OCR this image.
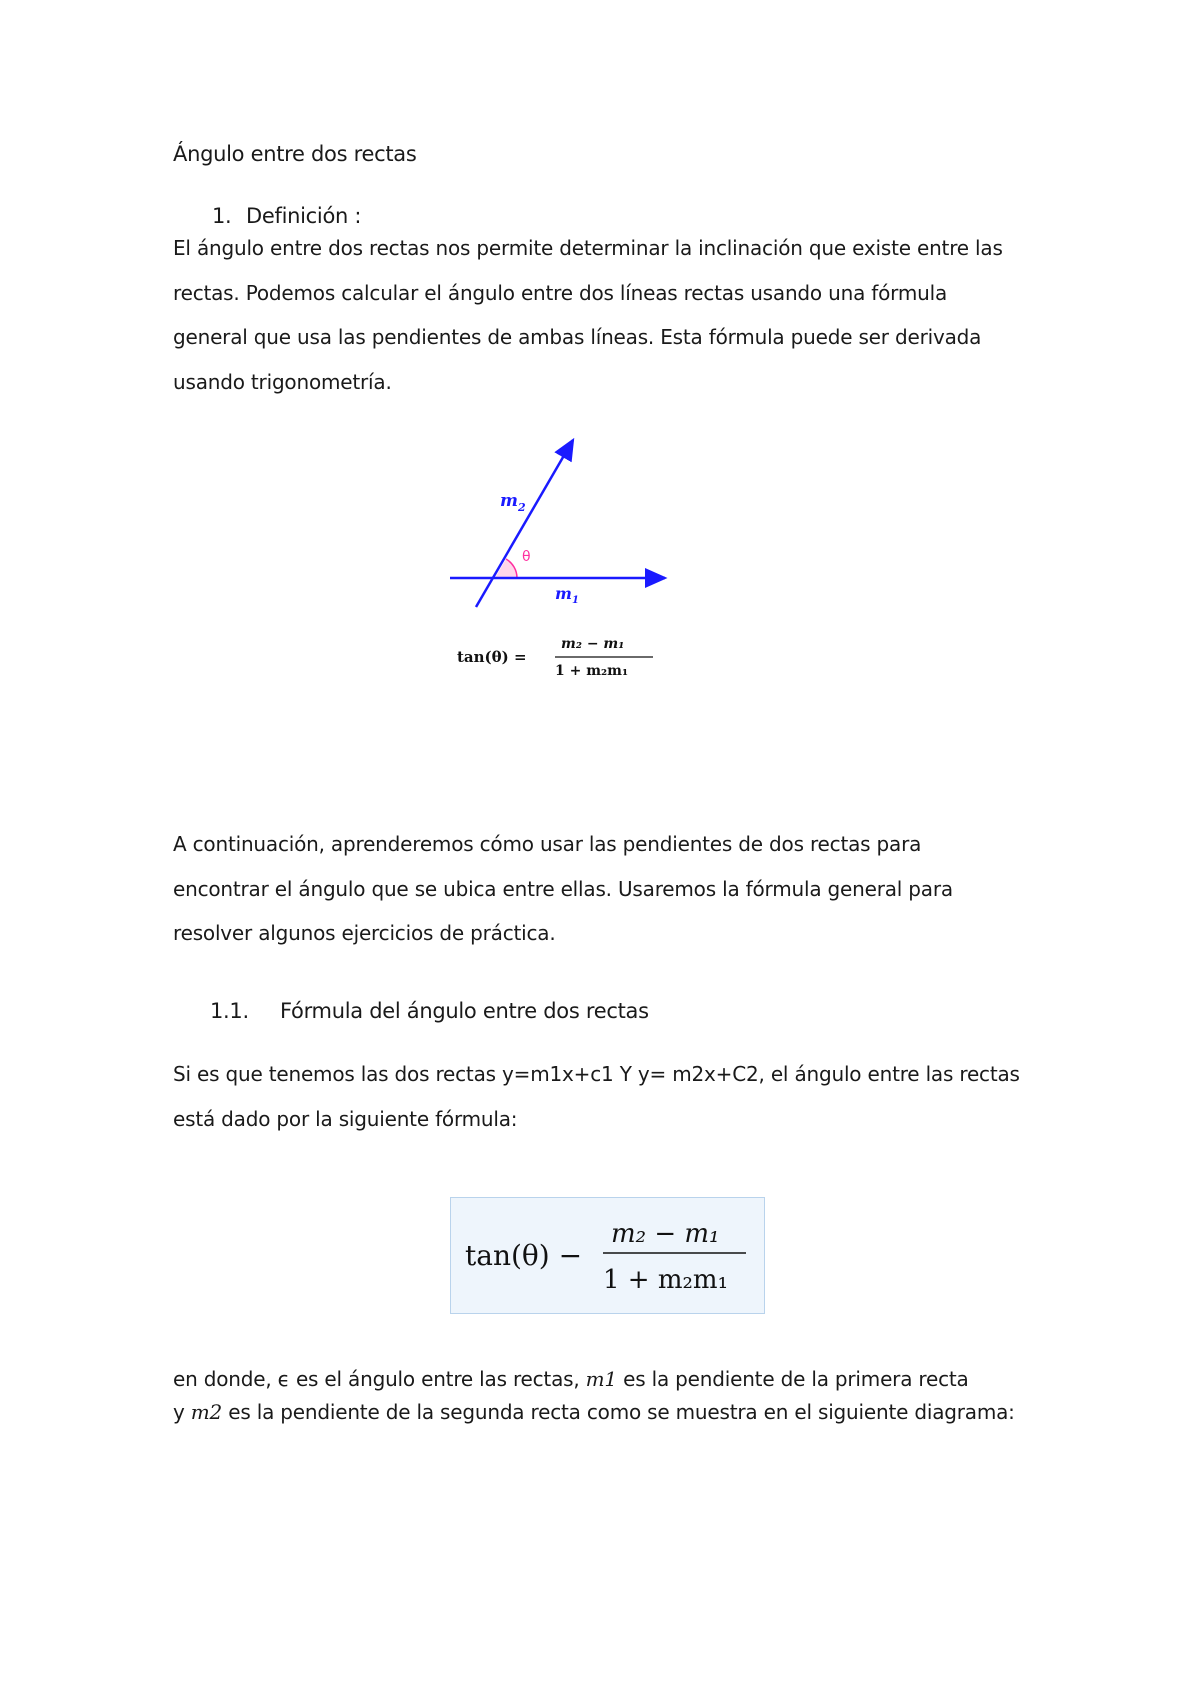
Ángulo entre dos rectas
1. Definición :
El ángulo entre dos rectas nos permite determinar la inclinación que existe entre las
rectas. Podemos calcular el ángulo entre dos líneas rectas usando una fórmula
general que usa las pendientes de ambas líneas. Esta fórmula puede ser derivada
usando trigonometría.
$m_2$
$m_1$
θ
tan(θ) =
m₂ − m₁
1 + m₂m₁
A continuación, aprenderemos cómo usar las pendientes de dos rectas para
encontrar el ángulo que se ubica entre ellas. Usaremos la fórmula general para
resolver algunos ejercicios de práctica.
1.1. Fórmula del ángulo entre dos rectas
Si es que tenemos las dos rectas y=m1x+c1 Y y= m2x+C2, el ángulo entre las rectas
está dado por la siguiente fórmula:
tan(θ) −
m₂ − m₁
1 + m₂m₁
en donde, ϵ es el ángulo entre las rectas, m1 es la pendiente de la primera recta
y m2 es la pendiente de la segunda recta como se muestra en el siguiente diagrama:
